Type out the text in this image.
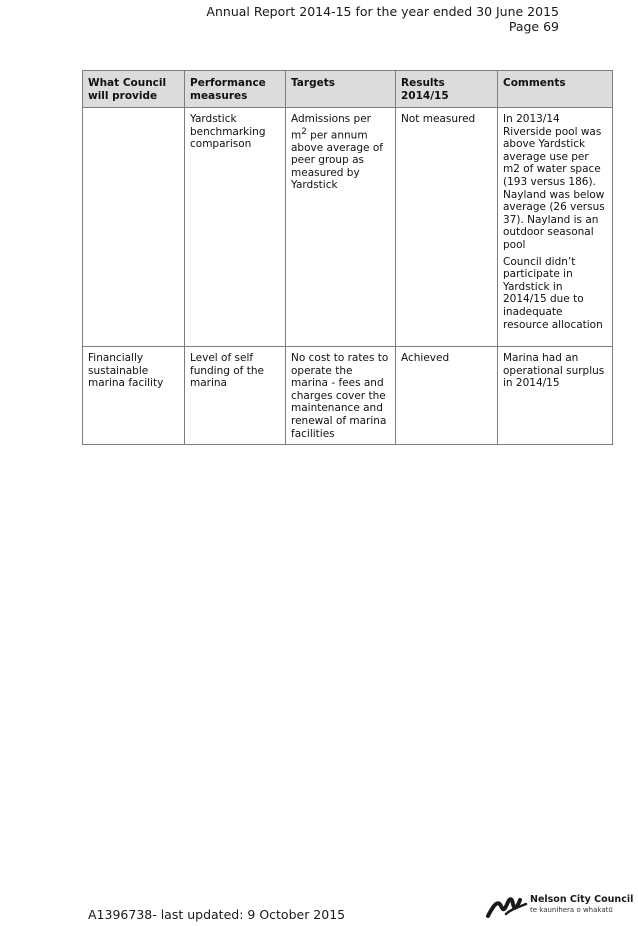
Annual Report 2014-15 for the year ended 30 June 2015
Page 69
What Council will provide	Performance measures	Targets	Results 2014/15	Comments
	Yardstick benchmarking comparison	Admissions per $m^2$ per annum above average of peer group as measured by Yardstick	Not measured	In 2013/14 Riverside pool was above Yardstick average use per m2 of water space (193 versus 186). Nayland was below average (26 versus 37). Nayland is an outdoor seasonal pool

Council didn’t participate in Yardstick in 2014/15 due to inadequate resource allocation

Financially sustainable marina facility	Level of self funding of the marina	No cost to rates to operate the marina - fees and charges cover the maintenance and renewal of marina facilities	Achieved	Marina had an operational surplus in 2014/15
A1396738- last updated: 9 October 2015
Nelson City Council
te kaunihera o whakatū
